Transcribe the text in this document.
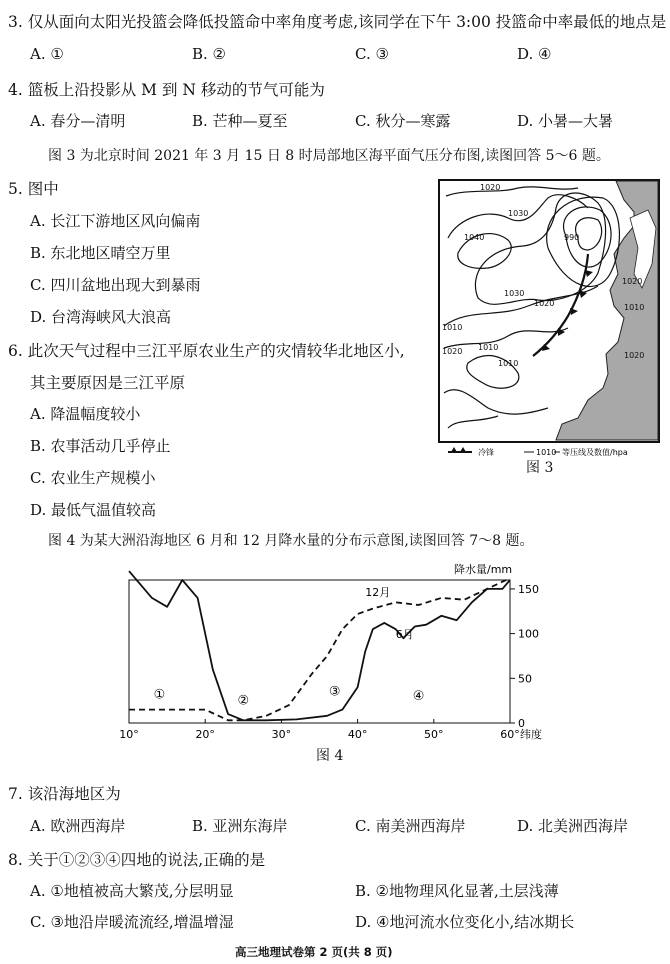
3. 仅从面向太阳光投篮会降低投篮命中率角度考虑,该同学在下午 3:00 投篮命中率最低的地点是
A. ①	B. ②	C. ③	D. ④
4. 篮板上沿投影从 M 到 N 移动的节气可能为
A. 春分—清明	B. 芒种—夏至	C. 秋分—寒露	D. 小暑—大暑
图 3 为北京时间 2021 年 3 月 15 日 8 时局部地区海平面气压分布图,读图回答 5～6 题。
5. 图中
A. 长江下游地区风向偏南
B. 东北地区晴空万里
C. 四川盆地出现大到暴雨
D. 台湾海峡风大浪高
6. 此次天气过程中三江平原农业生产的灾情较华北地区小,
其主要原因是三江平原
A. 降温幅度较小
B. 农事活动几乎停止
C. 农业生产规模小
D. 最低气温值较高
1020
1030
1040	990
1030
1020
1010
1020 1010
1010
1020
1010
1020
冷锋	1010 等压线及数值/hpa
图 3
图 4 为某大洲沿海地区 6 月和 12 月降水量的分布示意图,读图回答 7～8 题。
降水量/mm
10°	20°	30°	40°	50°	60° 纬度
0
50
100
150
12月
6月
①	②
③	④
图 4
7. 该沿海地区为
A. 欧洲西海岸	B. 亚洲东海岸	C. 南美洲西海岸	D. 北美洲西海岸
8. 关于①②③④四地的说法,正确的是
A. ①地植被高大繁茂,分层明显	B. ②地物理风化显著,土层浅薄
C. ③地沿岸暖流流经,增温增湿	D. ④地河流水位变化小,结冰期长
高三地理试卷第 2 页(共 8 页)
